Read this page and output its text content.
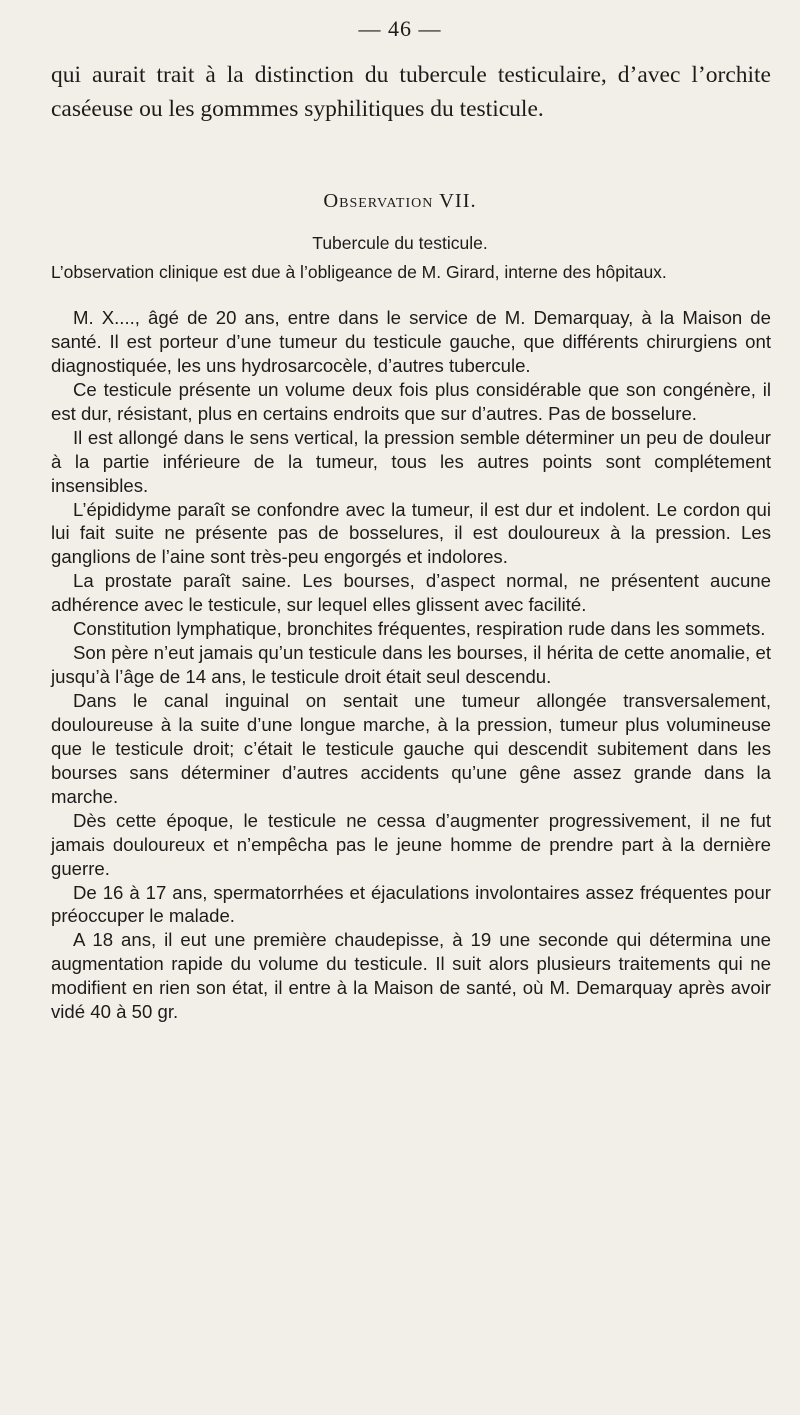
— 46 —

qui aurait trait à la distinction du tubercule testiculaire, d’avec l’orchite caséeuse ou les gommmes syphilitiques du testicule.

Observation VII.
Tubercule du testicule.
L’observation clinique est due à l’obligeance de M. Girard, interne des hôpitaux.

M. X...., âgé de 20 ans, entre dans le service de M. Demarquay, à la Maison de santé. Il est porteur d’une tumeur du testicule gauche, que différents chirurgiens ont diagnostiquée, les uns hydrosarcocèle, d’autres tubercule.

Ce testicule présente un volume deux fois plus considérable que son congénère, il est dur, résistant, plus en certains endroits que sur d’autres. Pas de bosselure.

Il est allongé dans le sens vertical, la pression semble déterminer un peu de douleur à la partie inférieure de la tumeur, tous les autres points sont complétement insensibles.

L’épididyme paraît se confondre avec la tumeur, il est dur et indolent. Le cordon qui lui fait suite ne présente pas de bosselures, il est douloureux à la pression. Les ganglions de l’aine sont très-peu engorgés et indolores.

La prostate paraît saine. Les bourses, d’aspect normal, ne présentent aucune adhérence avec le testicule, sur lequel elles glissent avec facilité.

Constitution lymphatique, bronchites fréquentes, respiration rude dans les sommets.

Son père n’eut jamais qu’un testicule dans les bourses, il hérita de cette anomalie, et jusqu’à l’âge de 14 ans, le testicule droit était seul descendu.

Dans le canal inguinal on sentait une tumeur allongée transversalement, douloureuse à la suite d’une longue marche, à la pression, tumeur plus volumineuse que le testicule droit; c’était le testicule gauche qui descendit subitement dans les bourses sans déterminer d’autres accidents qu’une gêne assez grande dans la marche.

Dès cette époque, le testicule ne cessa d’augmenter progressivement, il ne fut jamais douloureux et n’empêcha pas le jeune homme de prendre part à la dernière guerre.

De 16 à 17 ans, spermatorrhées et éjaculations involontaires assez fréquentes pour préoccuper le malade.

A 18 ans, il eut une première chaudepisse, à 19 une seconde qui détermina une augmentation rapide du volume du testicule. Il suit alors plusieurs traitements qui ne modifient en rien son état, il entre à la Maison de santé, où M. Demarquay après avoir vidé 40 à 50 gr.
